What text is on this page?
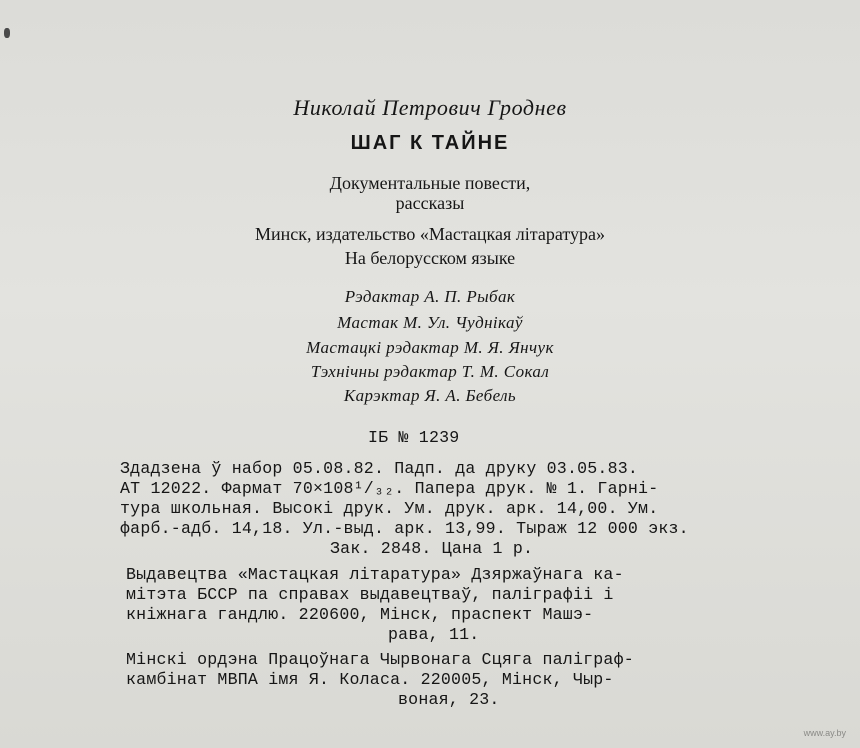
Николай Петрович Гроднев

ШАГ К ТАЙНЕ

Документальные повести,

рассказы

Минск, издательство «Мастацкая літаратура»

На белорусском языке

Рэдактар А. П. Рыбак

Мастак М. Ул. Чуднікаў

Мастацкі рэдактар М. Я. Янчук

Тэхнічны рэдактар Т. М. Сокал

Карэктар Я. А. Бебель

ІБ № 1239

Здадзена ў набор 05.08.82. Падп. да друку 03.05.83.

АТ 12022. Фармат 70×108¹/₃₂. Папера друк. № 1. Гарні-

тура школьная. Высокі друк. Ум. друк. арк. 14,00. Ум.

фарб.-адб. 14,18. Ул.-выд. арк. 13,99. Тыраж 12 000 экз.

Зак. 2848. Цана 1 р.

Выдавецтва «Мастацкая літаратура» Дзяржаўнага ка-

мітэта БССР па справах выдавецтваў, паліграфіі і

кніжнага гандлю. 220600, Мінск, праспект Машэ-

рава, 11.

Мінскі ордэна Працоўнага Чырвонага Сцяга паліграф-

камбінат МВПА імя Я. Коласа. 220005, Мінск, Чыр-

воная, 23.

www.ay.by
